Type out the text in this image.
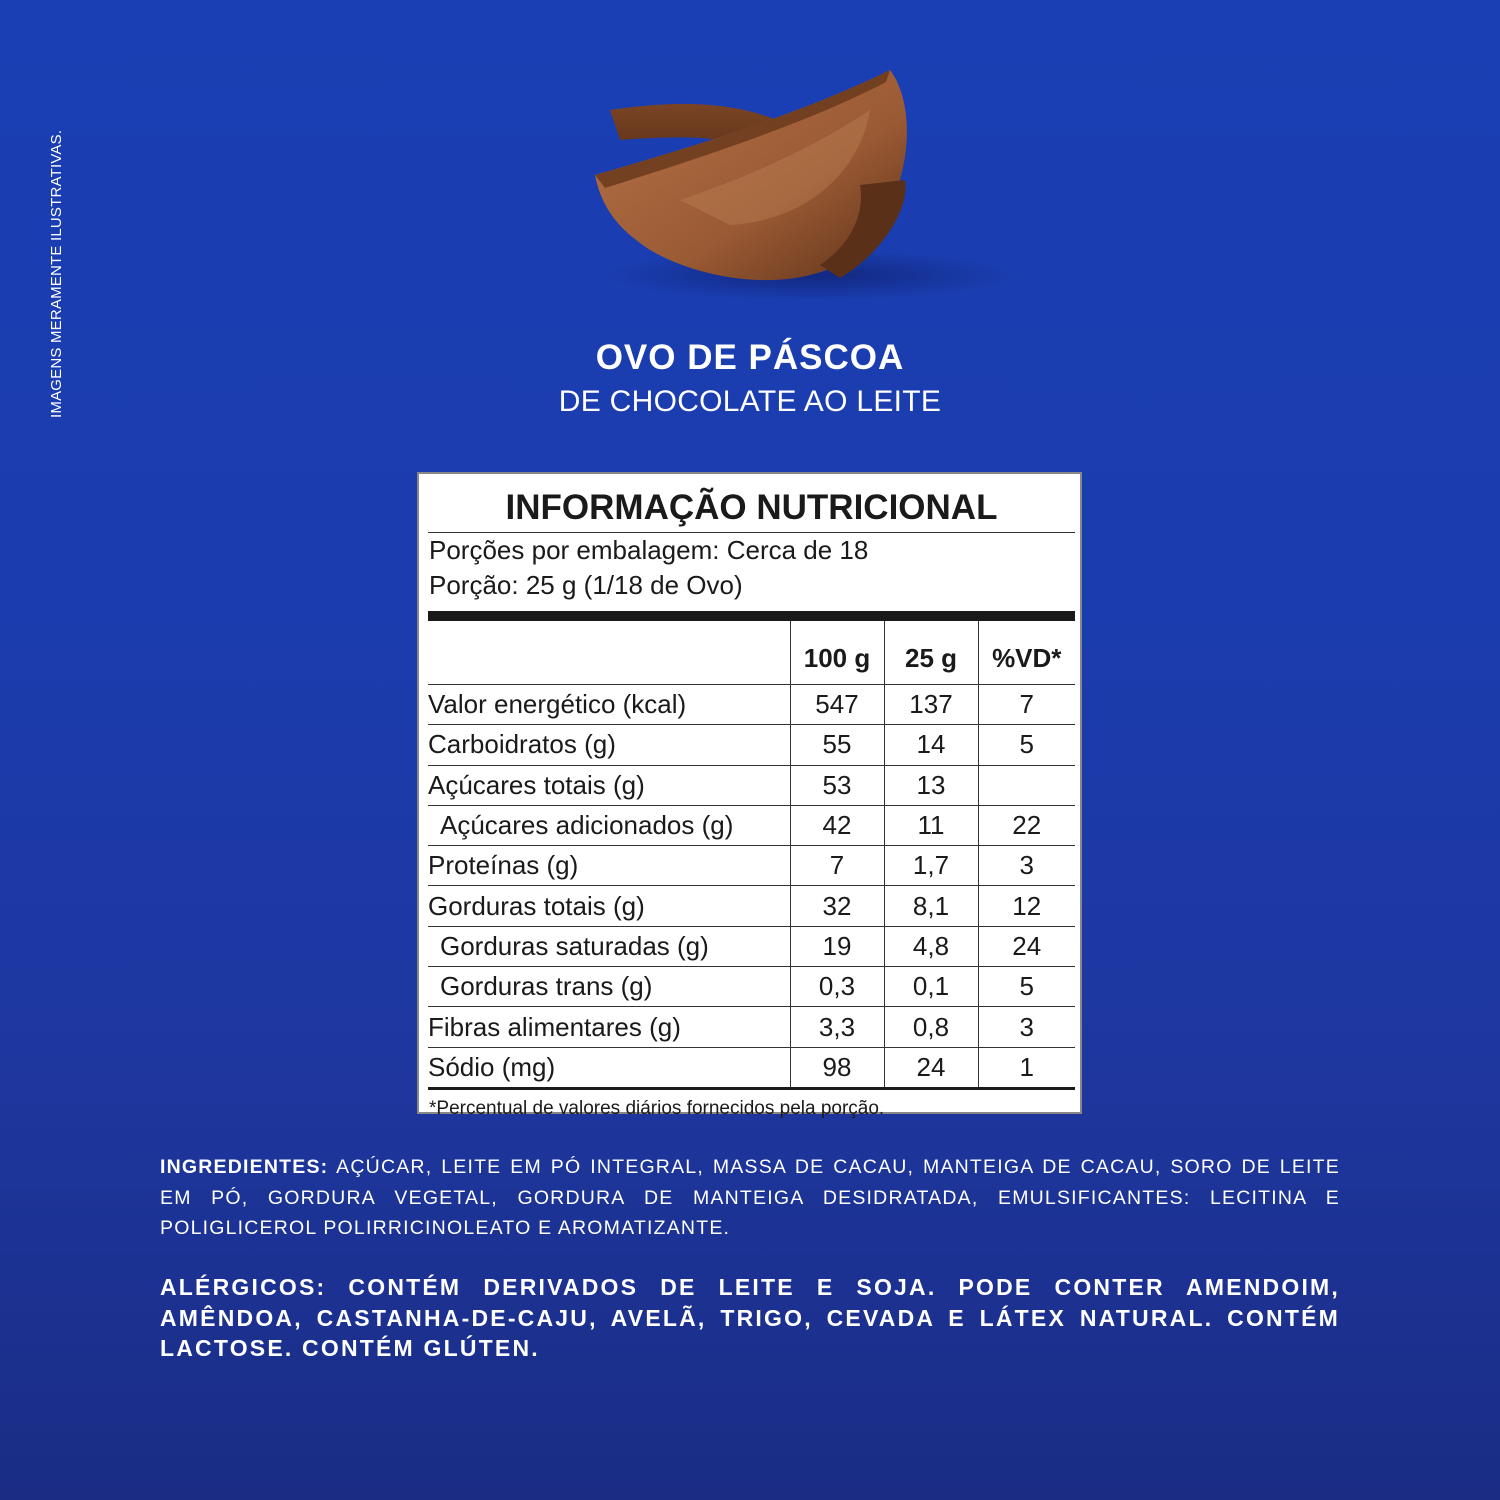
IMAGENS MERAMENTE ILUSTRATIVAS.	OVO DE PÁSCOA
DE CHOCOLATE AO LEITE
INFORMAÇÃO NUTRICIONAL
Porções por embalagem: Cerca de 18
Porção: 25 g (1/18 de Ovo)
	100 g	25 g	%VD*
Valor energético (kcal)	547	137	7
Carboidratos (g)	55	14	5
Açúcares totais (g)	53	13	
Açúcares adicionados (g)	42	11	22
Proteínas (g)	7	1,7	3
Gorduras totais (g)	32	8,1	12
Gorduras saturadas (g)	19	4,8	24
Gorduras trans (g)	0,3	0,1	5
Fibras alimentares (g)	3,3	0,8	3
Sódio (mg)	98	24	1
*Percentual de valores diários fornecidos pela porção.
INGREDIENTES: AÇÚCAR, LEITE EM PÓ INTEGRAL, MASSA DE CACAU, MANTEIGA DE CACAU, SORO DE LEITE EM PÓ, GORDURA VEGETAL, GORDURA DE MANTEIGA DESIDRATADA, EMULSIFICANTES: LECITINA E POLIGLICEROL POLIRRICINOLEATO E AROMATIZANTE.
ALÉRGICOS: CONTÉM DERIVADOS DE LEITE E SOJA. PODE CONTER AMENDOIM, AMÊNDOA, CASTANHA-DE-CAJU, AVELÃ, TRIGO, CEVADA E LÁTEX NATURAL. CONTÉM LACTOSE. CONTÉM GLÚTEN.
